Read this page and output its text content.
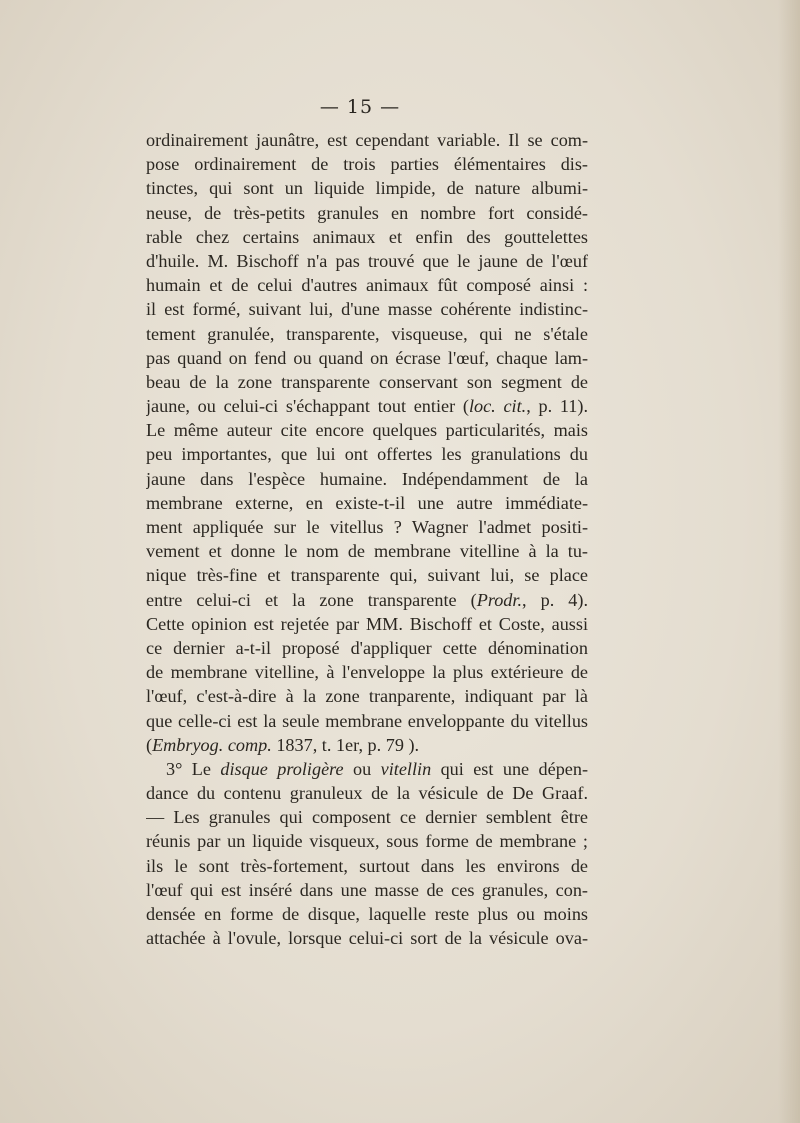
— 15 —
ordinairement jaunâtre, est cependant variable. Il se com-
pose ordinairement de trois parties élémentaires dis-
tinctes, qui sont un liquide limpide, de nature albumi-
neuse, de très-petits granules en nombre fort considé-
rable chez certains animaux et enfin des gouttelettes
d'huile. M. Bischoff n'a pas trouvé que le jaune de l'œuf
humain et de celui d'autres animaux fût composé ainsi :
il est formé, suivant lui, d'une masse cohérente indistinc-
tement granulée, transparente, visqueuse, qui ne s'étale
pas quand on fend ou quand on écrase l'œuf, chaque lam-
beau de la zone transparente conservant son segment de
jaune, ou celui-ci s'échappant tout entier (loc. cit., p. 11).
Le même auteur cite encore quelques particularités, mais
peu importantes, que lui ont offertes les granulations du
jaune dans l'espèce humaine. Indépendamment de la
membrane externe, en existe-t-il une autre immédiate-
ment appliquée sur le vitellus ? Wagner l'admet positi-
vement et donne le nom de membrane vitelline à la tu-
nique très-fine et transparente qui, suivant lui, se place
entre celui-ci et la zone transparente (Prodr., p. 4).
Cette opinion est rejetée par MM. Bischoff et Coste, aussi
ce dernier a-t-il proposé d'appliquer cette dénomination
de membrane vitelline, à l'enveloppe la plus extérieure de
l'œuf, c'est-à-dire à la zone tranparente, indiquant par là
que celle-ci est la seule membrane enveloppante du vitellus
(Embryog. comp. 1837, t. 1er, p. 79 ).
3° Le disque proligère ou vitellin qui est une dépen-
dance du contenu granuleux de la vésicule de De Graaf.
— Les granules qui composent ce dernier semblent être
réunis par un liquide visqueux, sous forme de membrane ;
ils le sont très-fortement, surtout dans les environs de
l'œuf qui est inséré dans une masse de ces granules, con-
densée en forme de disque, laquelle reste plus ou moins
attachée à l'ovule, lorsque celui-ci sort de la vésicule ova-
